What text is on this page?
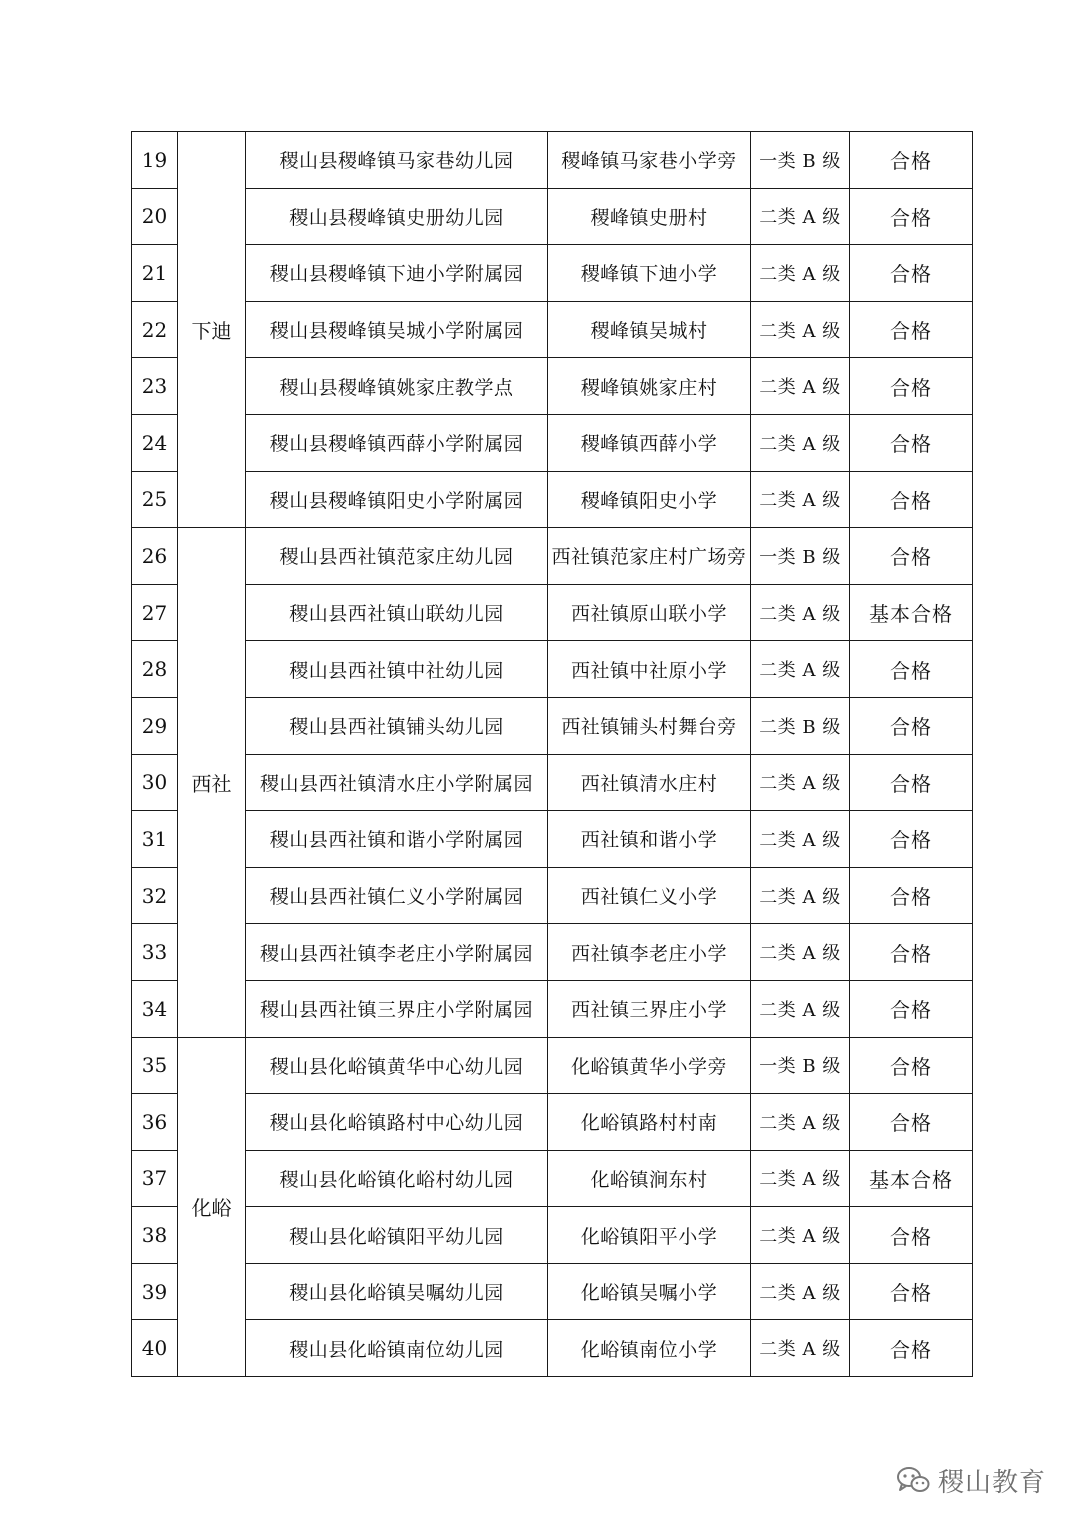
19	下迪	稷山县稷峰镇马家巷幼儿园	稷峰镇马家巷小学旁	一类 B 级	合格
20		稷山县稷峰镇史册幼儿园	稷峰镇史册村	二类 A 级	合格
21		稷山县稷峰镇下迪小学附属园	稷峰镇下迪小学	二类 A 级	合格
22		稷山县稷峰镇吴城小学附属园	稷峰镇吴城村	二类 A 级	合格
23		稷山县稷峰镇姚家庄教学点	稷峰镇姚家庄村	二类 A 级	合格
24		稷山县稷峰镇西薛小学附属园	稷峰镇西薛小学	二类 A 级	合格
25		稷山县稷峰镇阳史小学附属园	稷峰镇阳史小学	二类 A 级	合格
26	西社	稷山县西社镇范家庄幼儿园	西社镇范家庄村广场旁	一类 B 级	合格
27		稷山县西社镇山联幼儿园	西社镇原山联小学	二类 A 级	基本合格
28		稷山县西社镇中社幼儿园	西社镇中社原小学	二类 A 级	合格
29		稷山县西社镇铺头幼儿园	西社镇铺头村舞台旁	二类 B 级	合格
30		稷山县西社镇清水庄小学附属园	西社镇清水庄村	二类 A 级	合格
31		稷山县西社镇和谐小学附属园	西社镇和谐小学	二类 A 级	合格
32		稷山县西社镇仁义小学附属园	西社镇仁义小学	二类 A 级	合格
33		稷山县西社镇李老庄小学附属园	西社镇李老庄小学	二类 A 级	合格
34		稷山县西社镇三界庄小学附属园	西社镇三界庄小学	二类 A 级	合格
35	化峪	稷山县化峪镇黄华中心幼儿园	化峪镇黄华小学旁	一类 B 级	合格
36		稷山县化峪镇路村中心幼儿园	化峪镇路村村南	二类 A 级	合格
37		稷山县化峪镇化峪村幼儿园	化峪镇涧东村	二类 A 级	基本合格
38		稷山县化峪镇阳平幼儿园	化峪镇阳平小学	二类 A 级	合格
39		稷山县化峪镇吴嘱幼儿园	化峪镇吴嘱小学	二类 A 级	合格
40		稷山县化峪镇南位幼儿园	化峪镇南位小学	二类 A 级	合格
稷山教育
